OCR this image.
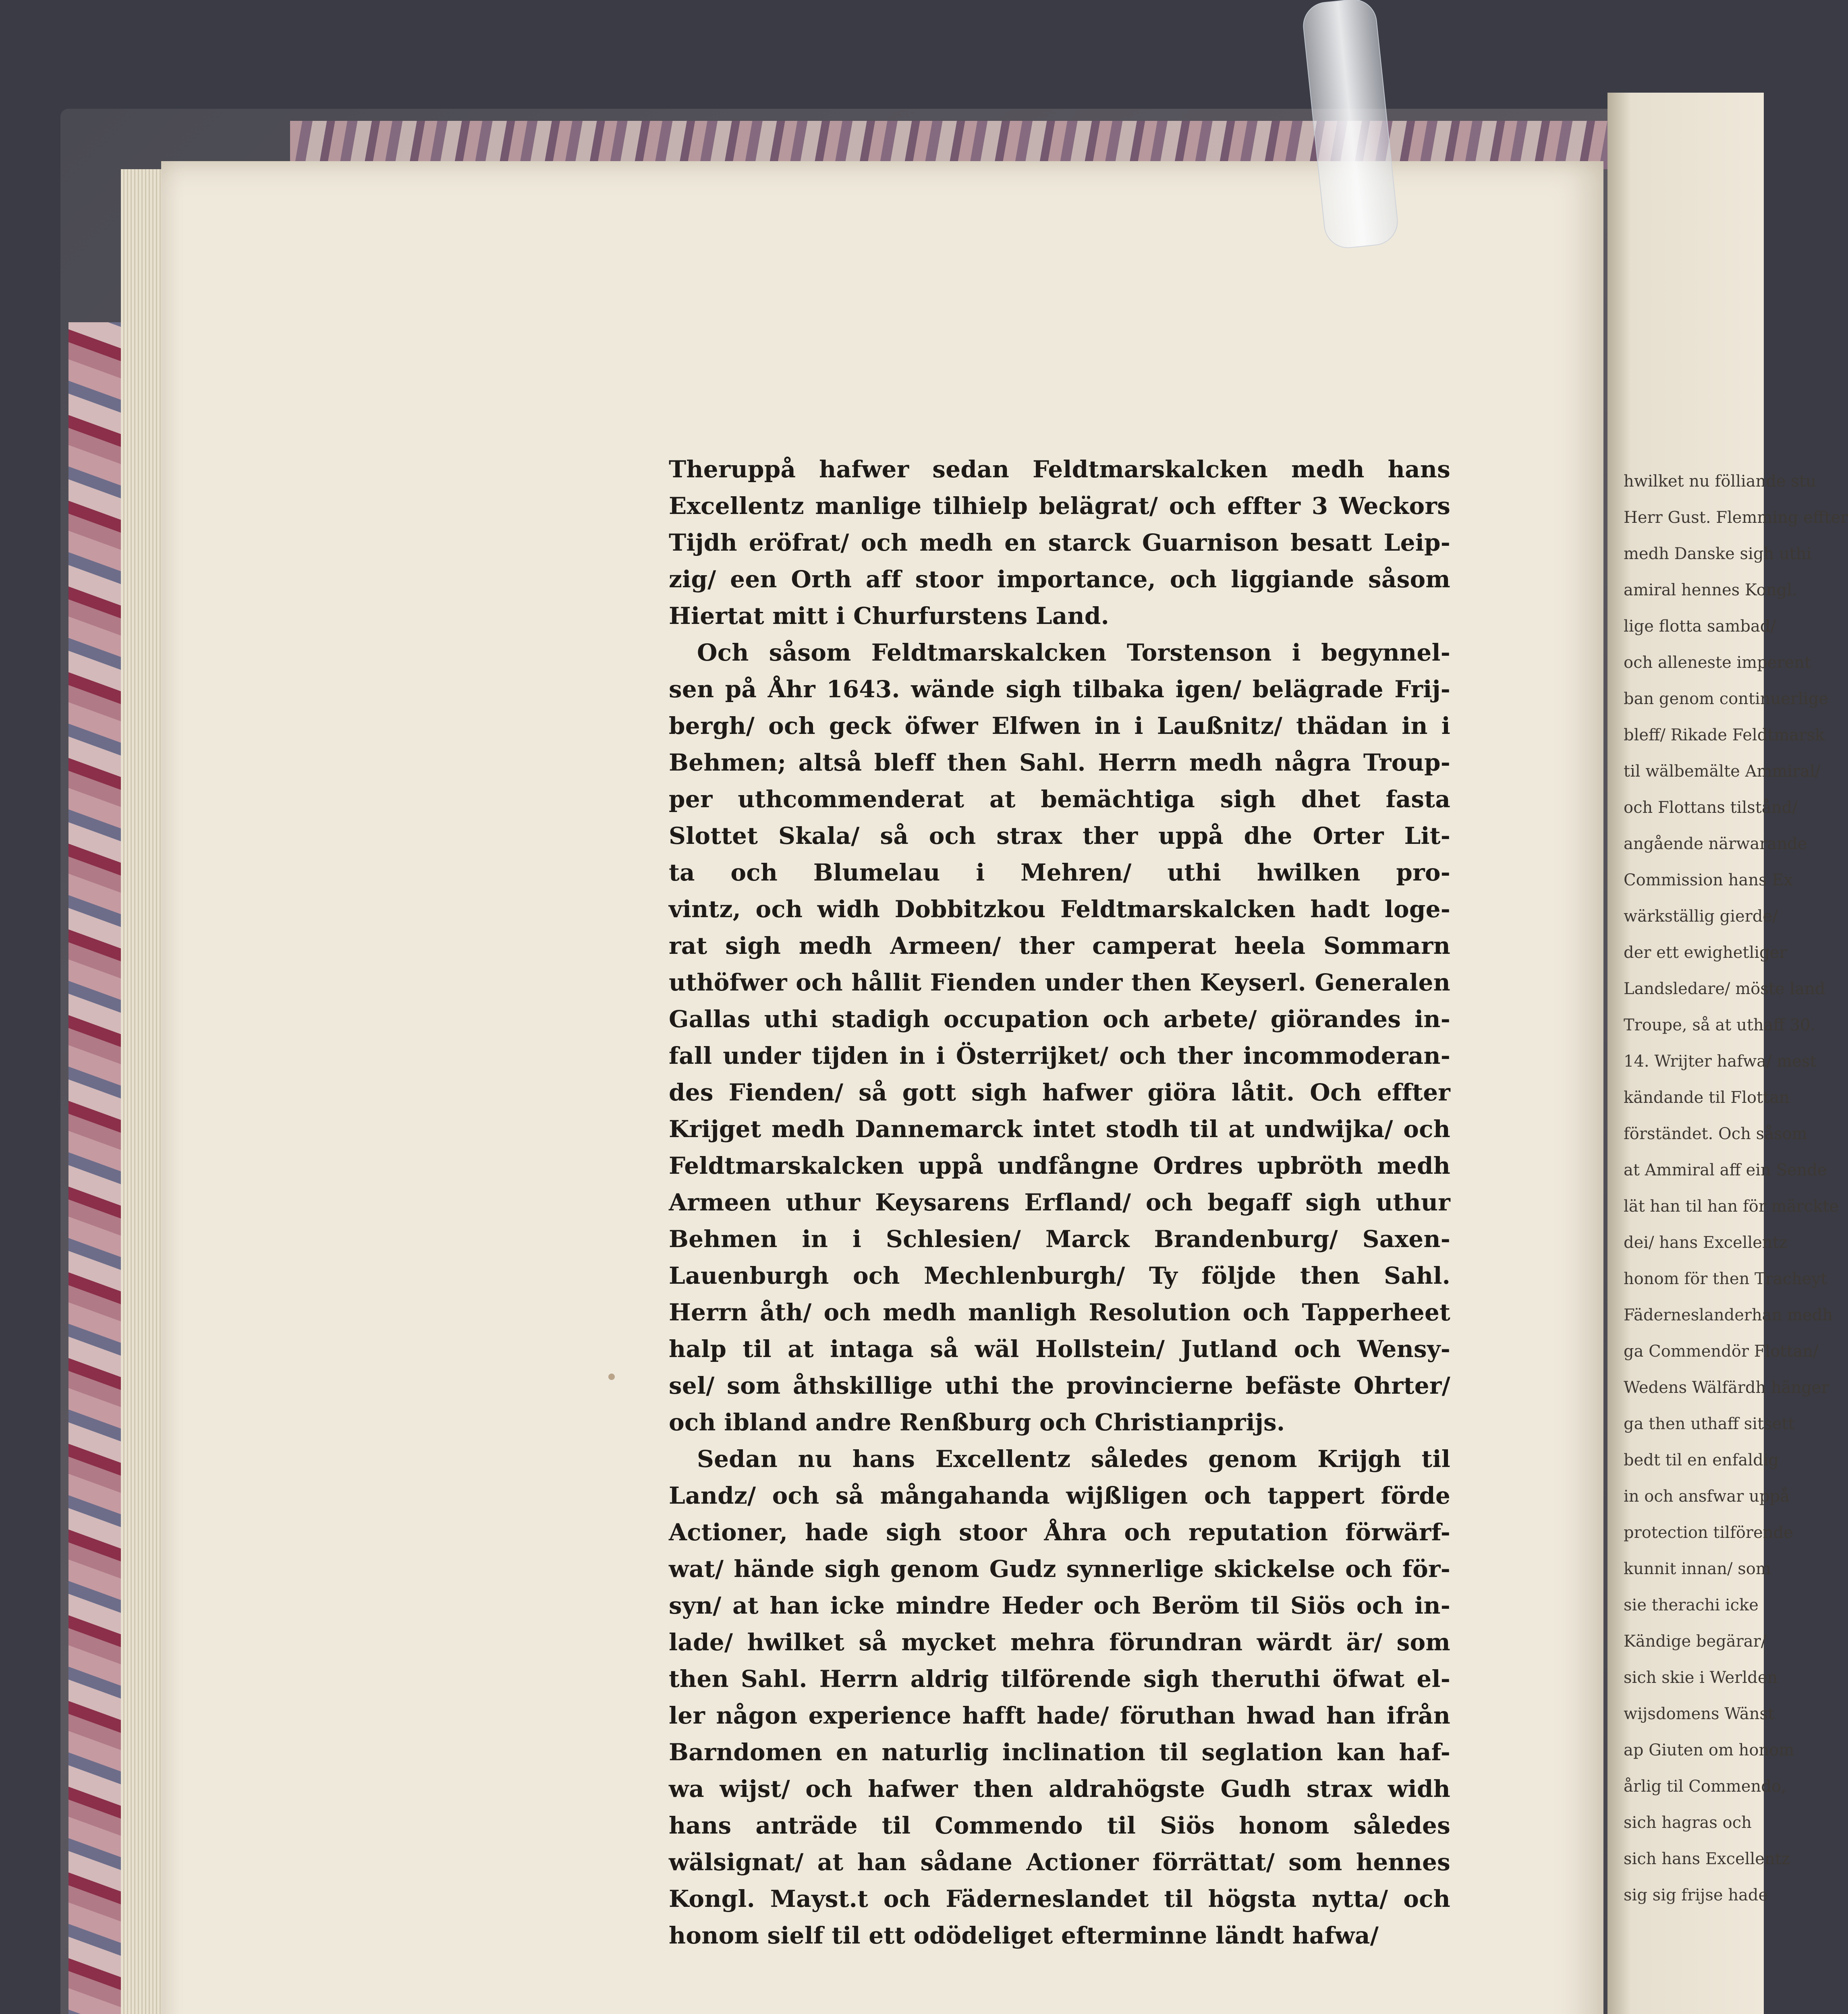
hwilket nu fölliande stu
Herr Gust. Flemming effter
medh Danske sigh uthi
amiral hennes Kongl.
lige flotta sambad/
och alleneste imperent
ban genom continuerlige
bleff/ Rikade Feldtmarsk
til wälbemälte Ammiral/
och Flottans tilstånd/
angående närwarande
Commission hans Ex
wärkställig gierde/
der ett ewighetliger
Landsledare/ möste land
Troupe, så at uthaff 30.
14. Wrijter hafwa/ mest
kändande til Flottan
förständet. Och såsom
at Ammiral aff ein Sende
lät han til han för märckte
dei/ hans Excellentz
honom för then Tracheyt
Fäderneslanderhan medh
ga Commendör Flottan/
Wedens Wälfärdh hänger
ga then uthaff sitsett
bedt til en enfaldig
in och ansfwar uppå
protection tilförende
kunnit innan/ som
sie therachi icke
Kändige begärar/
sich skie i Werlden
wijsdomens Wänst
ap Giuten om honom
årlig til Commendo,
sich hagras och
sich hans Excellentz
sig sig frijse hade
Theruppå hafwer sedan Feldtmarskalcken medh hans
Excellentz manlige tilhielp belägrat/ och effter 3 Weckors
Tijdh eröfrat/ och medh en starck Guarnison besatt Leip-
zig/ een Orth aff stoor importance, och liggiande såsom
Hiertat mitt i Churfurstens Land.
Och såsom Feldtmarskalcken Torstenson i begynnel-
sen på Åhr 1643. wände sigh tilbaka igen/ belägrade Frij-
bergh/ och geck öfwer Elfwen in i Laußnitz/ thädan in i
Behmen; altså bleff then Sahl. Herrn medh några Troup-
per uthcommenderat at bemächtiga sigh dhet fasta
Slottet Skala/ så och strax ther uppå dhe Orter Lit-
ta och Blumelau i Mehren/ uthi hwilken pro-
vintz, och widh Dobbitzkou Feldtmarskalcken hadt loge-
rat sigh medh Armeen/ ther camperat heela Sommarn
uthöfwer och hållit Fienden under then Keyserl. Generalen
Gallas uthi stadigh occupation och arbete/ giörandes in-
fall under tijden in i Österrijket/ och ther incommoderan-
des Fienden/ så gott sigh hafwer giöra låtit. Och effter
Krijget medh Dannemarck intet stodh til at undwijka/ och
Feldtmarskalcken uppå undfångne Ordres upbröth medh
Armeen uthur Keysarens Erfland/ och begaff sigh uthur
Behmen in i Schlesien/ Marck Brandenburg/ Saxen-
Lauenburgh och Mechlenburgh/ Ty följde then Sahl.
Herrn åth/ och medh manligh Resolution och Tapperheet
halp til at intaga så wäl Hollstein/ Jutland och Wensy-
sel/ som åthskillige uthi the provincierne befäste Ohrter/
och ibland andre Renßburg och Christianprijs.
Sedan nu hans Excellentz således genom Krijgh til
Landz/ och så mångahanda wijßligen och tappert förde
Actioner, hade sigh stoor Åhra och reputation förwärf-
wat/ hände sigh genom Gudz synnerlige skickelse och för-
syn/ at han icke mindre Heder och Beröm til Siös och in-
lade/ hwilket så mycket mehra förundran wärdt är/ som
then Sahl. Herrn aldrig tilförende sigh theruthi öfwat el-
ler någon experience hafft hade/ föruthan hwad han ifrån
Barndomen en naturlig inclination til seglation kan haf-
wa wijst/ och hafwer then aldrahögste Gudh strax widh
hans anträde til Commendo til Siös honom således
wälsignat/ at han sådane Actioner förrättat/ som hennes
Kongl. Mayst.t och Fäderneslandet til högsta nytta/ och
honom sielf til ett odödeliget efterminne ländt hafwa/
